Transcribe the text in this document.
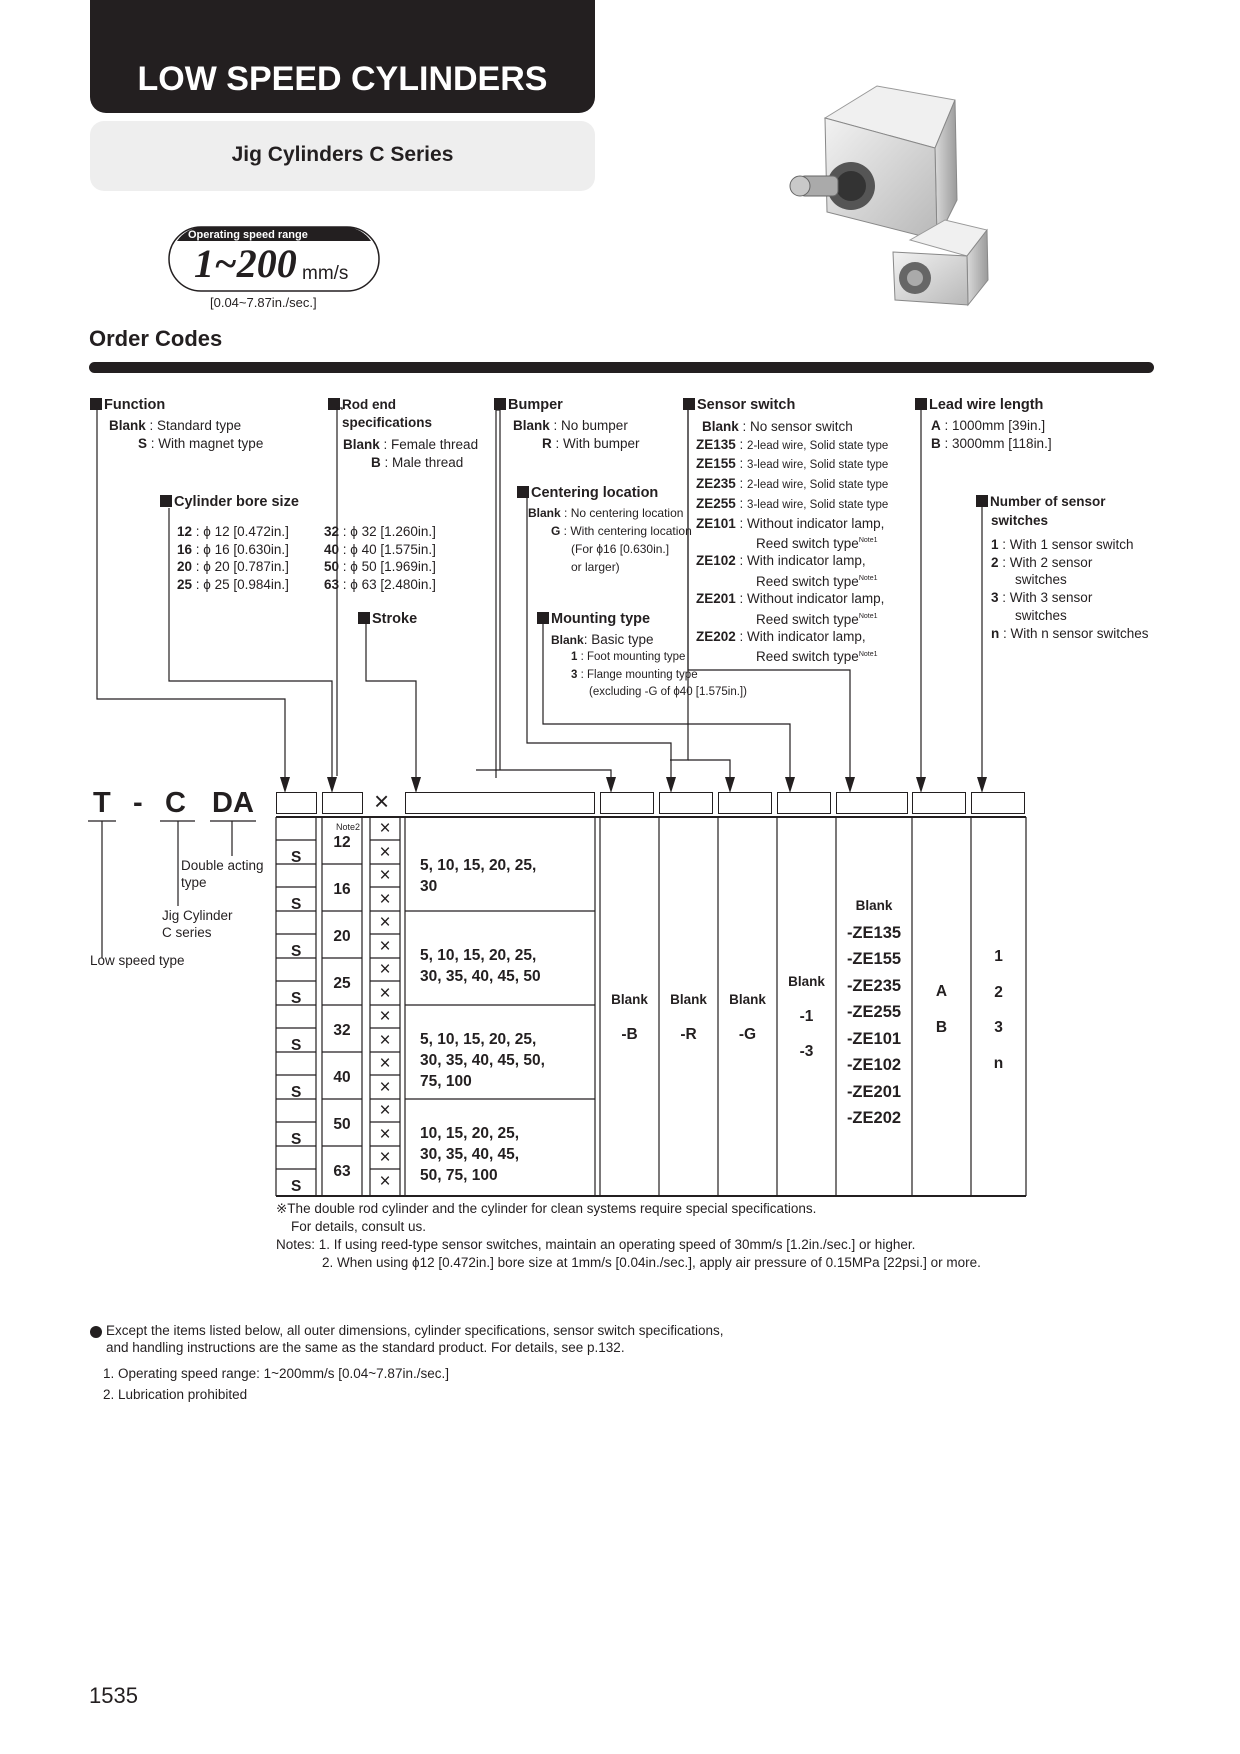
LOW SPEED CYLINDERS
Jig Cylinders C Series
Operating speed range
1~200 mm/s
[0.04~7.87in./sec.]
Order Codes
Function
Blank : Standard type
S : With magnet type
Rod end
specifications
Blank : Female thread
B : Male thread
Bumper
Blank : No bumper
R : With bumper
Sensor switch
Blank : No sensor switch
ZE135 : 2-lead wire, Solid state type
ZE155 : 3-lead wire, Solid state type
ZE235 : 2-lead wire, Solid state type
ZE255 : 3-lead wire, Solid state type
ZE101 : Without indicator lamp,
Reed switch type$^{Note1}$
ZE102 : With indicator lamp,
Reed switch type$^{Note1}$
ZE201 : Without indicator lamp,
Reed switch type$^{Note1}$
ZE202 : With indicator lamp,
Reed switch type$^{Note1}$
Lead wire length
A : 1000mm [39in.]
B : 3000mm [118in.]
Cylinder bore size
12 : ϕ 12 [0.472in.]
16 : ϕ 16 [0.630in.]
20 : ϕ 20 [0.787in.]
25 : ϕ 25 [0.984in.]
32 : ϕ 32 [1.260in.]
40 : ϕ 40 [1.575in.]
50 : ϕ 50 [1.969in.]
63 : ϕ 63 [2.480in.]
Centering location
Blank : No centering location
G : With centering location
(For ϕ16 [0.630in.]
or larger)
Number of sensor
switches
1 : With 1 sensor switch
2 : With 2 sensor
switches
3 : With 3 sensor
switches
n : With n sensor switches
Stroke	Mounting type
Blank: Basic type
1 : Foot mounting type
3 : Flange mounting type
(excluding -G of ϕ40 [1.575in.])
T - C DA
Double acting
type
Jig Cylinder
C series
Low speed type
×
×
×
×
×
×
×
×
×
×
×
×
×
×
×
×
×
S
S
S
S
S
S
S
S
Note2
12
16
20
25
32
40
50
63
5, 10, 15, 20, 25,
30
5, 10, 15, 20, 25,
30, 35, 40, 45, 50
5, 10, 15, 20, 25,
30, 35, 40, 45, 50,
75, 100
10, 15, 20, 25,
30, 35, 40, 45,
50, 75, 100
Blank
-B
Blank
-R
Blank
-G
Blank
-1
-3
Blank
-ZE135
-ZE155
-ZE235
-ZE255
-ZE101
-ZE102
-ZE201
-ZE202
A
B
1
2
3
n
※The double rod cylinder and the cylinder for clean systems require special specifications.
For details, consult us.
Notes: 1. If using reed-type sensor switches, maintain an operating speed of 30mm/s [1.2in./sec.] or higher.
2. When using ϕ12 [0.472in.] bore size at 1mm/s [0.04in./sec.], apply air pressure of 0.15MPa [22psi.] or more.
Except the items listed below, all outer dimensions, cylinder specifications, sensor switch specifications,
and handling instructions are the same as the standard product. For details, see p.132.
1. Operating speed range: 1~200mm/s [0.04~7.87in./sec.]
2. Lubrication prohibited
1535
